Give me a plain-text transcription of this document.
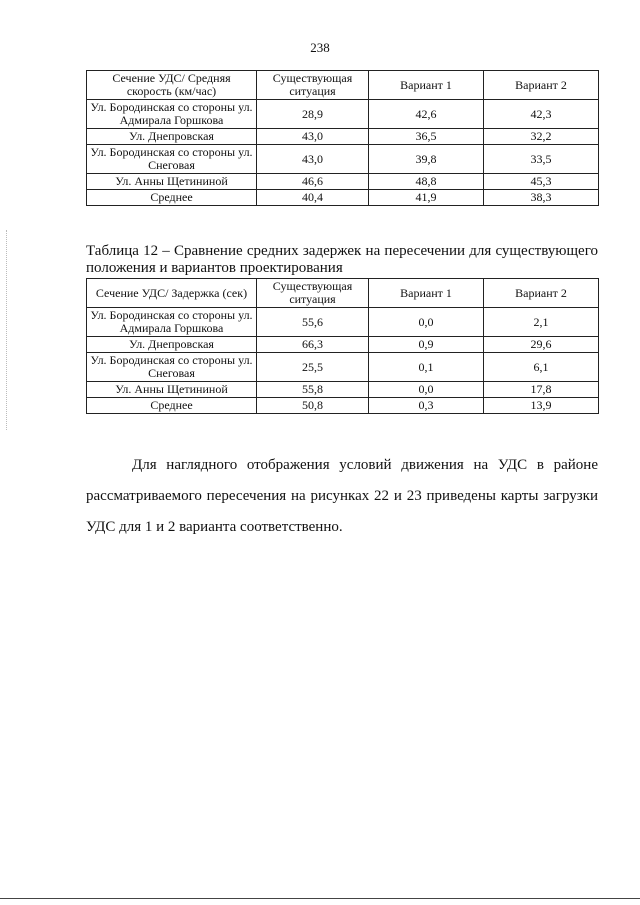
238
Сечение УДС/ Средняя скорость (км/час)	Существующая ситуация	Вариант 1	Вариант 2
Ул. Бородинская со стороны ул. Адмирала Горшкова	28,9	42,6	42,3
Ул. Днепровская	43,0	36,5	32,2
Ул. Бородинская со стороны ул. Снеговая	43,0	39,8	33,5
Ул. Анны Щетининой	46,6	48,8	45,3
Среднее	40,4	41,9	38,3
Таблица 12 – Сравнение средних задержек на пересечении для существующего положения и вариантов проектирования
Сечение УДС/ Задержка (сек)	Существующая ситуация	Вариант 1	Вариант 2
Ул. Бородинская со стороны ул. Адмирала Горшкова	55,6	0,0	2,1
Ул. Днепровская	66,3	0,9	29,6
Ул. Бородинская со стороны ул. Снеговая	25,5	0,1	6,1
Ул. Анны Щетининой	55,8	0,0	17,8
Среднее	50,8	0,3	13,9

Для наглядного отображения условий движения на УДС в районе рассматриваемого пересечения на рисунках 22 и 23 приведены карты загрузки УДС для 1 и 2 варианта соответственно.
